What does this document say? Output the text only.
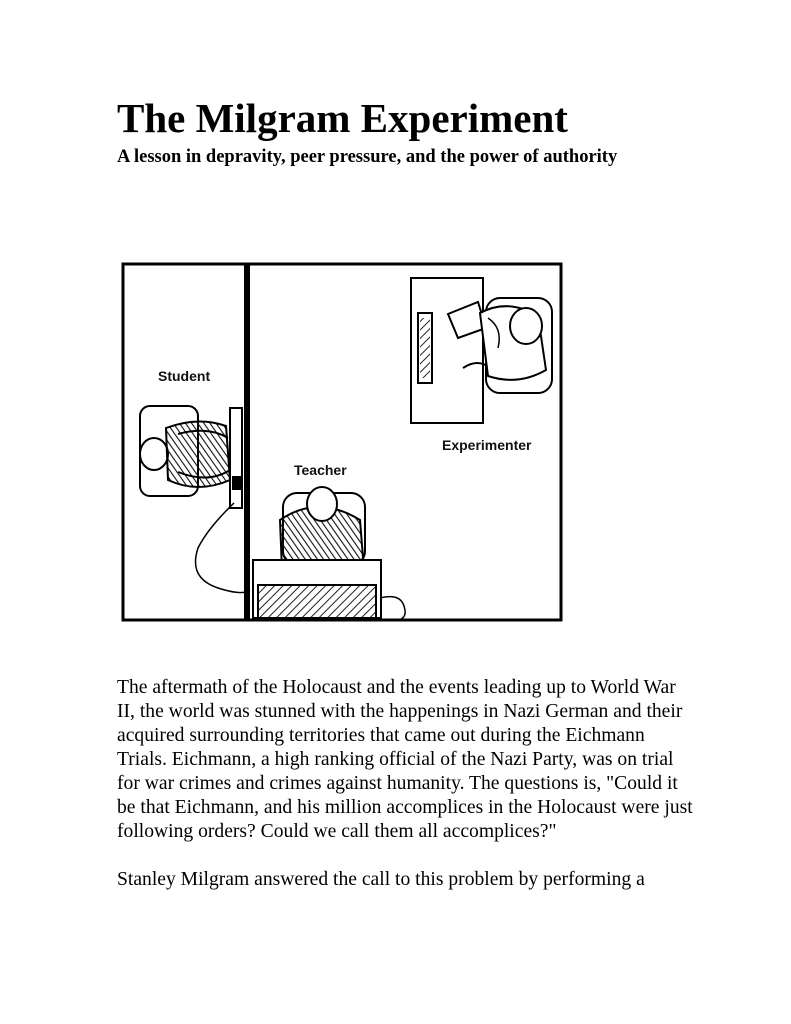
The Milgram Experiment
A lesson in depravity, peer pressure, and the power of authority
Student
Teacher
Experimenter

The aftermath of the Holocaust and the events leading up to World War II, the world was stunned with the happenings in Nazi German and their acquired surrounding territories that came out during the Eichmann Trials. Eichmann, a high ranking official of the Nazi Party, was on trial for war crimes and crimes against humanity. The questions is, "Could it be that Eichmann, and his million accomplices in the Holocaust were just following orders? Could we call them all accomplices?"

Stanley Milgram answered the call to this problem by performing a
